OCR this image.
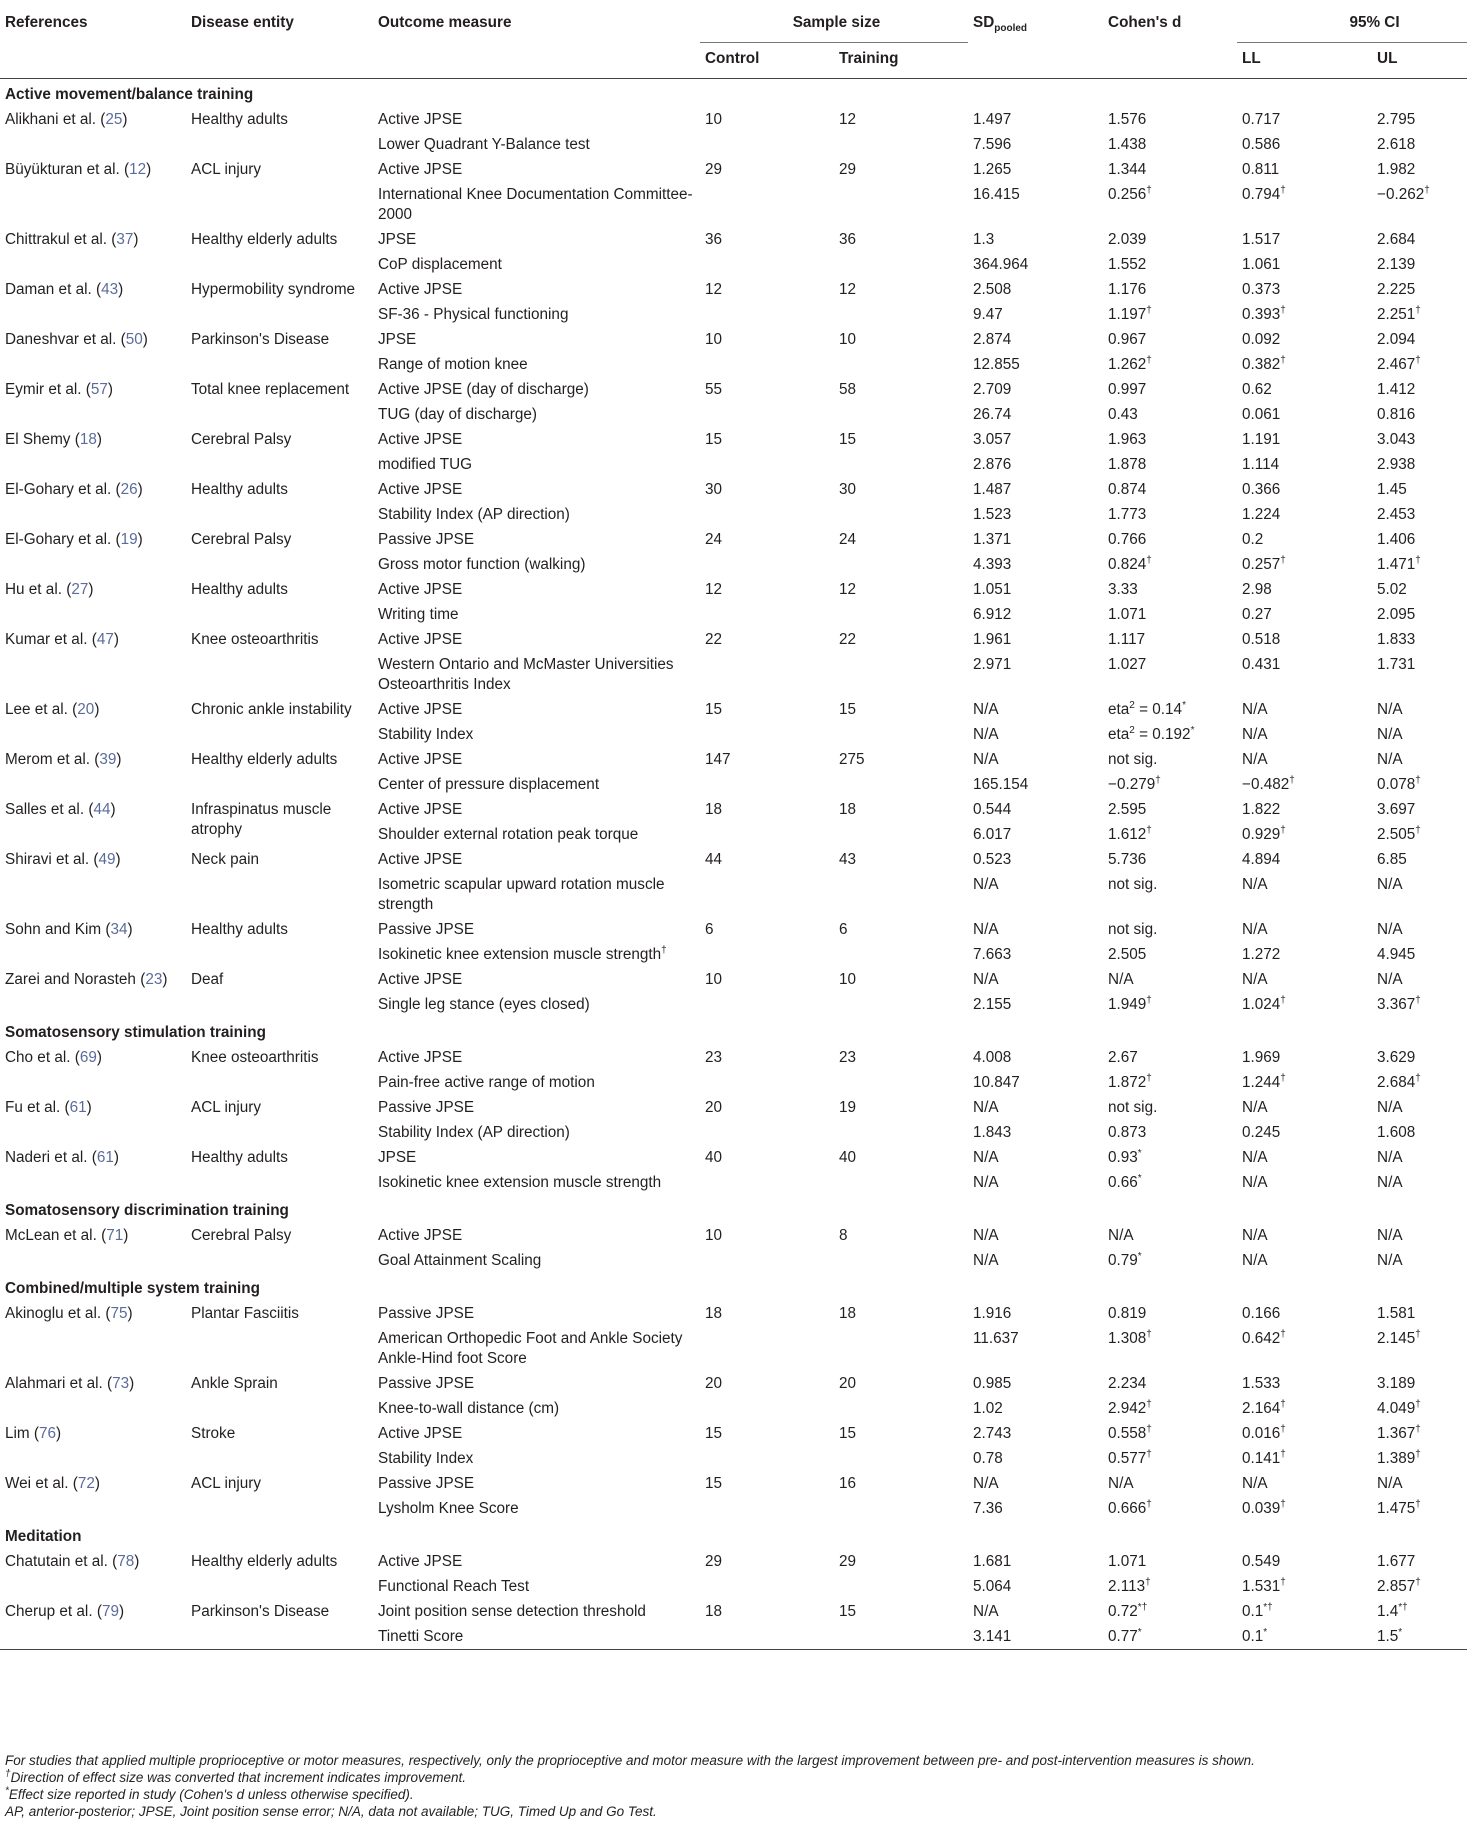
References	Disease entity	Outcome measure	Sample size		$SD_{pooled}$	Cohen's d	95% CI	
			Control	Training			LL	UL
Active movement/balance training								
Alikhani et al. (25)	Healthy adults	Active JPSE	10	12	1.497	1.576	0.717	2.795
		Lower Quadrant Y-Balance test			7.596	1.438	0.586	2.618
Büyükturan et al. (12)	ACL injury	Active JPSE	29	29	1.265	1.344	0.811	1.982
		International Knee Documentation Committee-2000			16.415	0.256†	0.794†	−0.262†
Chittrakul et al. (37)	Healthy elderly adults	JPSE	36	36	1.3	2.039	1.517	2.684
		CoP displacement			364.964	1.552	1.061	2.139
Daman et al. (43)	Hypermobility syndrome	Active JPSE	12	12	2.508	1.176	0.373	2.225
		SF-36 - Physical functioning			9.47	1.197†	0.393†	2.251†
Daneshvar et al. (50)	Parkinson's Disease	JPSE	10	10	2.874	0.967	0.092	2.094
		Range of motion knee			12.855	1.262†	0.382†	2.467†
Eymir et al. (57)	Total knee replacement	Active JPSE (day of discharge)	55	58	2.709	0.997	0.62	1.412
		TUG (day of discharge)			26.74	0.43	0.061	0.816
El Shemy (18)	Cerebral Palsy	Active JPSE	15	15	3.057	1.963	1.191	3.043
		modified TUG			2.876	1.878	1.114	2.938
El-Gohary et al. (26)	Healthy adults	Active JPSE	30	30	1.487	0.874	0.366	1.45
		Stability Index (AP direction)			1.523	1.773	1.224	2.453
El-Gohary et al. (19)	Cerebral Palsy	Passive JPSE	24	24	1.371	0.766	0.2	1.406
		Gross motor function (walking)			4.393	0.824†	0.257†	1.471†
Hu et al. (27)	Healthy adults	Active JPSE	12	12	1.051	3.33	2.98	5.02
		Writing time			6.912	1.071	0.27	2.095
Kumar et al. (47)	Knee osteoarthritis	Active JPSE	22	22	1.961	1.117	0.518	1.833
		Western Ontario and McMaster Universities Osteoarthritis Index			2.971	1.027	0.431	1.731
Lee et al. (20)	Chronic ankle instability	Active JPSE	15	15	N/A	eta$^2$ = 0.14*	N/A	N/A
		Stability Index			N/A	eta$^2$ = 0.192*	N/A	N/A
Merom et al. (39)	Healthy elderly adults	Active JPSE	147	275	N/A	not sig.	N/A	N/A
		Center of pressure displacement			165.154	−0.279†	−0.482†	0.078†
Salles et al. (44)	Infraspinatus muscle atrophy	Active JPSE	18	18	0.544	2.595	1.822	3.697
		Shoulder external rotation peak torque			6.017	1.612†	0.929†	2.505†
Shiravi et al. (49)	Neck pain	Active JPSE	44	43	0.523	5.736	4.894	6.85
		Isometric scapular upward rotation muscle strength			N/A	not sig.	N/A	N/A
Sohn and Kim (34)	Healthy adults	Passive JPSE	6	6	N/A	not sig.	N/A	N/A
		Isokinetic knee extension muscle strength†			7.663	2.505	1.272	4.945
Zarei and Norasteh (23)	Deaf	Active JPSE	10	10	N/A	N/A	N/A	N/A
		Single leg stance (eyes closed)			2.155	1.949†	1.024†	3.367†
Somatosensory stimulation training								
Cho et al. (69)	Knee osteoarthritis	Active JPSE	23	23	4.008	2.67	1.969	3.629
		Pain-free active range of motion			10.847	1.872†	1.244†	2.684†
Fu et al. (61)	ACL injury	Passive JPSE	20	19	N/A	not sig.	N/A	N/A
		Stability Index (AP direction)			1.843	0.873	0.245	1.608
Naderi et al. (61)	Healthy adults	JPSE	40	40	N/A	0.93*	N/A	N/A
		Isokinetic knee extension muscle strength			N/A	0.66*	N/A	N/A
Somatosensory discrimination training								
McLean et al. (71)	Cerebral Palsy	Active JPSE	10	8	N/A	N/A	N/A	N/A
		Goal Attainment Scaling			N/A	0.79*	N/A	N/A
Combined/multiple system training								
Akinoglu et al. (75)	Plantar Fasciitis	Passive JPSE	18	18	1.916	0.819	0.166	1.581
		American Orthopedic Foot and Ankle Society Ankle-Hind foot Score			11.637	1.308†	0.642†	2.145†
Alahmari et al. (73)	Ankle Sprain	Passive JPSE	20	20	0.985	2.234	1.533	3.189
		Knee-to-wall distance (cm)			1.02	2.942†	2.164†	4.049†
Lim (76)	Stroke	Active JPSE	15	15	2.743	0.558†	0.016†	1.367†
		Stability Index			0.78	0.577†	0.141†	1.389†
Wei et al. (72)	ACL injury	Passive JPSE	15	16	N/A	N/A	N/A	N/A
		Lysholm Knee Score			7.36	0.666†	0.039†	1.475†
Meditation								
Chatutain et al. (78)	Healthy elderly adults	Active JPSE	29	29	1.681	1.071	0.549	1.677
		Functional Reach Test			5.064	2.113†	1.531†	2.857†
Cherup et al. (79)	Parkinson's Disease	Joint position sense detection threshold	18	15	N/A	0.72*†	0.1*†	1.4*†
		Tinetti Score			3.141	0.77*	0.1*	1.5*
For studies that applied multiple proprioceptive or motor measures, respectively, only the proprioceptive and motor measure with the largest improvement between pre- and post-intervention measures is shown.
†Direction of effect size was converted that increment indicates improvement.
*Effect size reported in study (Cohen's d unless otherwise specified).
AP, anterior-posterior; JPSE, Joint position sense error; N/A, data not available; TUG, Timed Up and Go Test.
